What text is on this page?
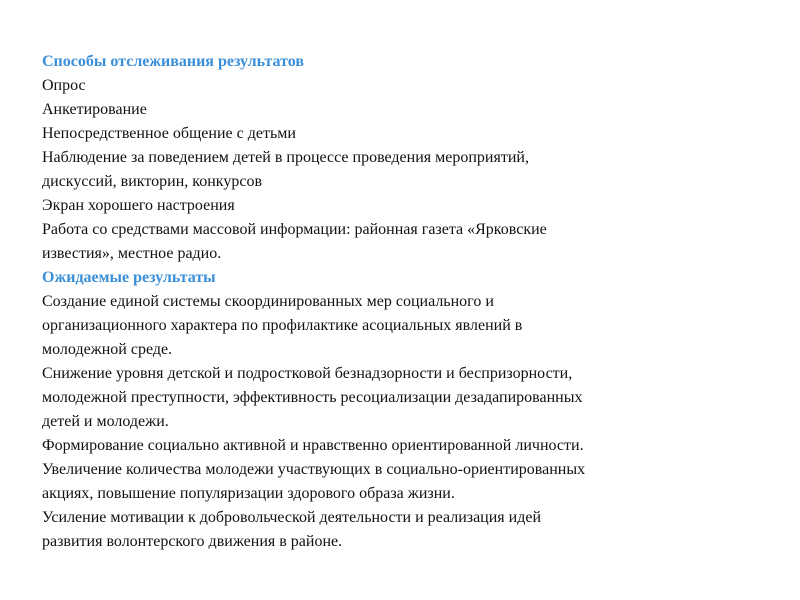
Способы отслеживания результатов
Опрос
Анкетирование
Непосредственное общение с детьми
Наблюдение за поведением детей в процессе проведения мероприятий,
дискуссий, викторин, конкурсов
Экран хорошего настроения
Работа со средствами массовой информации: районная газета «Ярковские
известия», местное радио.
Ожидаемые результаты
Создание единой системы скоординированных мер социального и
организационного характера по профилактике асоциальных явлений в
молодежной среде.
Снижение уровня детской и подростковой безнадзорности и беспризорности,
молодежной преступности, эффективность ресоциализации дезадапированных
детей и молодежи.
Формирование социально активной и нравственно ориентированной личности.
Увеличение количества молодежи участвующих в социально-ориентированных
акциях, повышение популяризации здорового образа жизни.
Усиление мотивации к добровольческой деятельности и реализация идей
развития волонтерского движения в районе.
